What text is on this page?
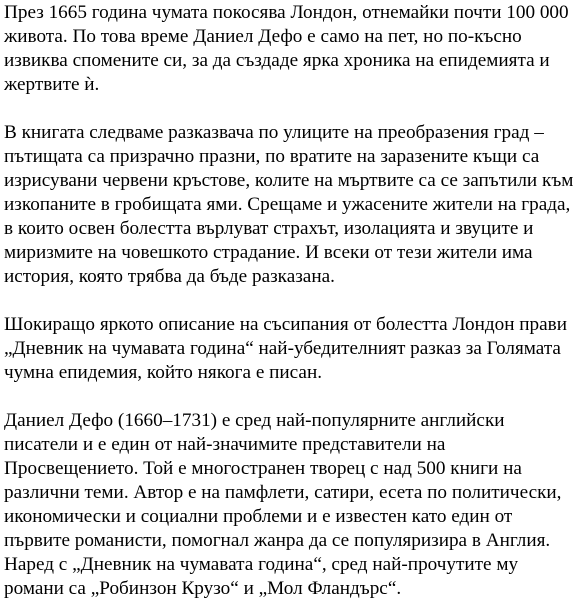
През 1665 година чумата покосява Лондон, отнемайки почти 100 000
живота. По това време Даниел Дефо е само на пет, но по-късно
извиква спомените си, за да създаде ярка хроника на епидемията и
жертвите ѝ.

В книгата следваме разказвача по улиците на преобразения град –
пътищата са призрачно празни, по вратите на заразените къщи са
изрисувани червени кръстове, колите на мъртвите са се запътили към
изкопаните в гробищата ями. Срещаме и ужасените жители на града,
в които освен болестта върлуват страхът, изолацията и звуците и
миризмите на човешкото страдание. И всеки от тези жители има
история, която трябва да бъде разказана.

Шокиращо яркото описание на съсипания от болестта Лондон прави
„Дневник на чумавата година“ най-убедителният разказ за Голямата
чумна епидемия, който някога е писан.

Даниел Дефо (1660–1731) е сред най-популярните английски
писатели и е един от най-значимите представители на
Просвещението. Той е многостранен творец с над 500 книги на
различни теми. Автор е на памфлети, сатири, есета по политически,
икономически и социални проблеми и е известен като един от
първите романисти, помогнал жанра да се популяризира в Англия.
Наред с „Дневник на чумавата година“, сред най-прочутите му
романи са „Робинзон Крузо“ и „Мол Фландърс“.
